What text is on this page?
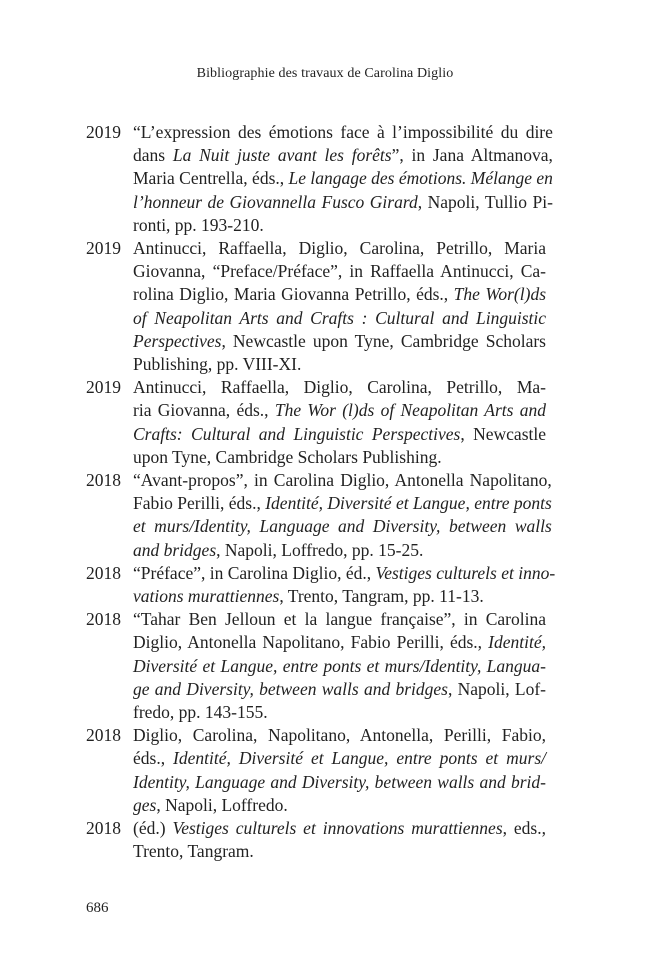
Bibliographie des travaux de Carolina Diglio
2019 “L’expression des émotions face à l’impossibilité du dire
dans La Nuit juste avant les forêts”, in Jana Altmanova,
Maria Centrella, éds., Le langage des émotions. Mélange en
l’honneur de Giovannella Fusco Girard, Napoli, Tullio Pi-
ronti, pp. 193-210.
2019 Antinucci, Raffaella, Diglio, Carolina, Petrillo, Maria
Giovanna, “Preface/Préface”, in Raffaella Antinucci, Ca-
rolina Diglio, Maria Giovanna Petrillo, éds., The Wor(l)ds
of Neapolitan Arts and Crafts : Cultural and Linguistic
Perspectives, Newcastle upon Tyne, Cambridge Scholars
Publishing, pp. VIII-XI.
2019 Antinucci, Raffaella, Diglio, Carolina, Petrillo, Ma-
ria Giovanna, éds., The Wor (l)ds of Neapolitan Arts and
Crafts: Cultural and Linguistic Perspectives, Newcastle
upon Tyne, Cambridge Scholars Publishing.
2018 “Avant-propos”, in Carolina Diglio, Antonella Napolitano,
Fabio Perilli, éds., Identité, Diversité et Langue, entre ponts
et murs/Identity, Language and Diversity, between walls
and bridges, Napoli, Loffredo, pp. 15-25.
2018 “Préface”, in Carolina Diglio, éd., Vestiges culturels et inno-
vations murattiennes, Trento, Tangram, pp. 11-13.
2018 “Tahar Ben Jelloun et la langue française”, in Carolina
Diglio, Antonella Napolitano, Fabio Perilli, éds., Identité,
Diversité et Langue, entre ponts et murs/Identity, Langua-
ge and Diversity, between walls and bridges, Napoli, Lof-
fredo, pp. 143-155.
2018 Diglio, Carolina, Napolitano, Antonella, Perilli, Fabio,
éds., Identité, Diversité et Langue, entre ponts et murs/
Identity, Language and Diversity, between walls and brid-
ges, Napoli, Loffredo.
2018 (éd.) Vestiges culturels et innovations murattiennes, eds.,
Trento, Tangram.
686
